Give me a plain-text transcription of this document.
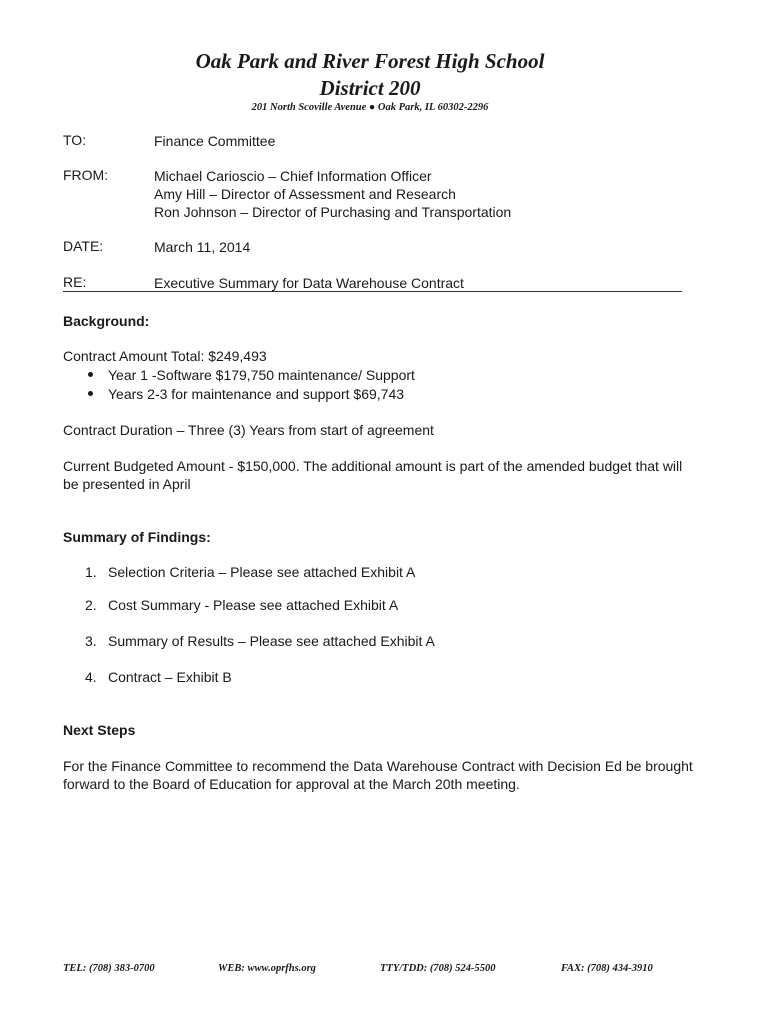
Oak Park and River Forest High School
District 200
201 North Scoville Avenue ● Oak Park, IL 60302-2296
TO:	Finance Committee
FROM:	Michael Carioscio – Chief Information Officer
Amy Hill – Director of Assessment and Research
Ron Johnson – Director of Purchasing and Transportation
DATE:	March 11, 2014
RE:	Executive Summary for Data Warehouse Contract
Background:
Contract Amount Total: $249,493
Year 1 -Software $179,750 maintenance/ Support
Years 2-3 for maintenance and support $69,743
Contract Duration – Three (3) Years from start of agreement
Current Budgeted Amount - $150,000. The additional amount is part of the amended budget that will be presented in April
Summary of Findings:
1. Selection Criteria – Please see attached Exhibit A
2. Cost Summary - Please see attached Exhibit A
3. Summary of Results – Please see attached Exhibit A
4. Contract – Exhibit B
Next Steps
For the Finance Committee to recommend the Data Warehouse Contract with Decision Ed be brought forward to the Board of Education for approval at the March 20th meeting.
TEL: (708) 383-0700	WEB: www.oprfhs.org	TTY/TDD: (708) 524-5500	FAX: (708) 434-3910
